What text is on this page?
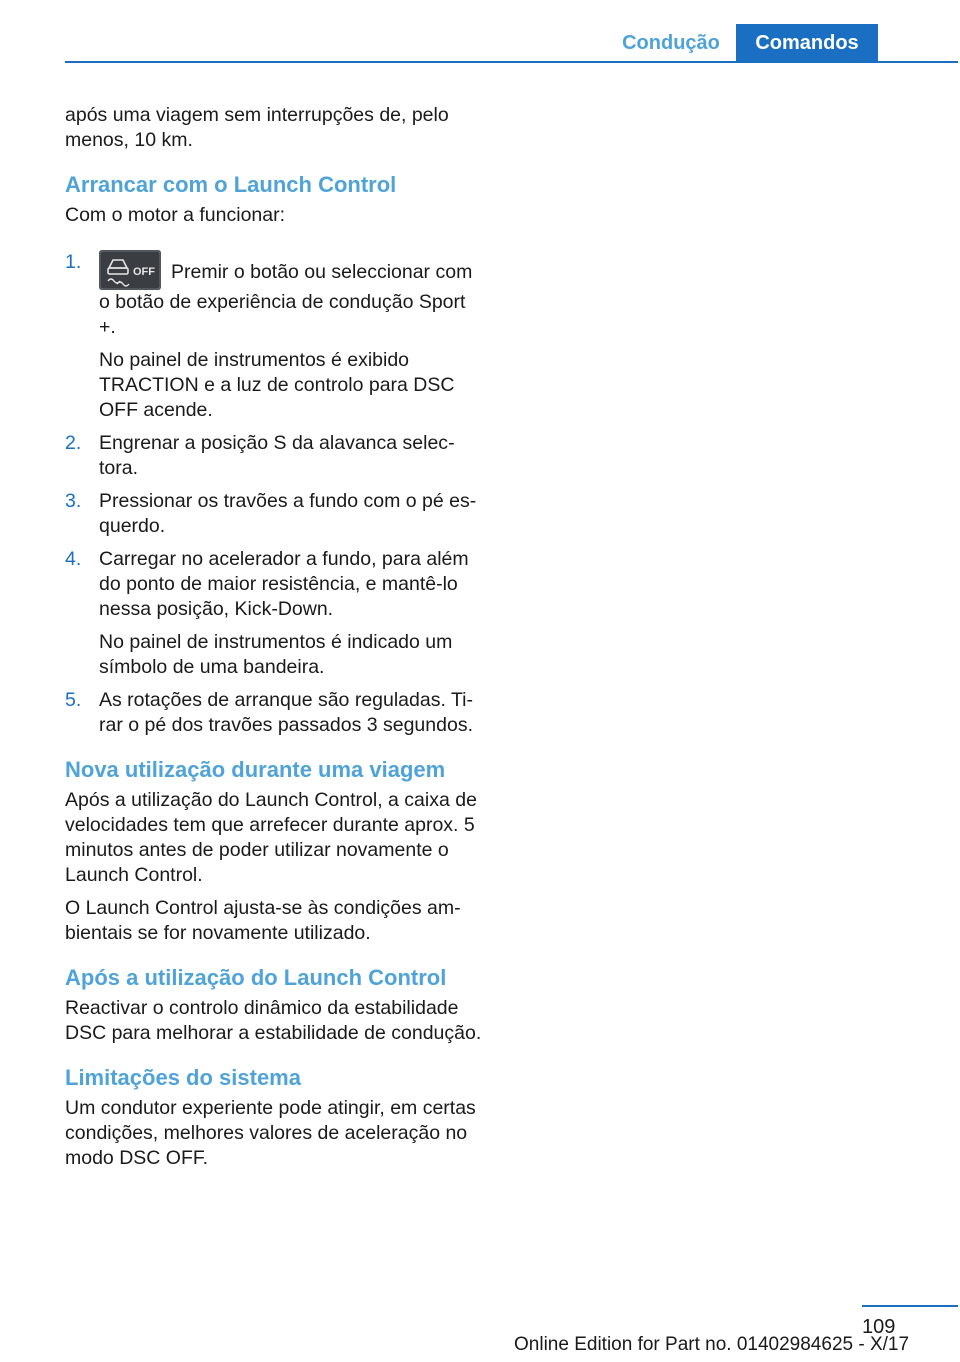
Condução	Comandos

após uma viagem sem interrupções de, pelo menos, 10 km.

Arrancar com o Launch Control

Com o motor a funcionar:

1.	OFF Premir o botão ou seleccionar com o botão de experiência de condução Sport +.
No painel de instrumentos é exibido TRACTION e a luz de controlo para DSC OFF acende.
2. Engrenar a posição S da alavanca selectora.
3. Pressionar os travões a fundo com o pé esquerdo.
4. Carregar no acelerador a fundo, para além do ponto de maior resistência, e mantê-lo nessa posição, Kick-Down.
No painel de instrumentos é indicado um símbolo de uma bandeira.
5. As rotações de arranque são reguladas. Tirar o pé dos travões passados 3 segundos.
Nova utilização durante uma viagem

Após a utilização do Launch Control, a caixa de velocidades tem que arrefecer durante aprox. 5 minutos antes de poder utilizar novamente o Launch Control.

O Launch Control ajusta-se às condições ambientais se for novamente utilizado.

Após a utilização do Launch Control

Reactivar o controlo dinâmico da estabilidade DSC para melhorar a estabilidade de condução.

Limitações do sistema

Um condutor experiente pode atingir, em certas condições, melhores valores de aceleração no modo DSC OFF.

109
Online Edition for Part no. 01402984625 - X/17
